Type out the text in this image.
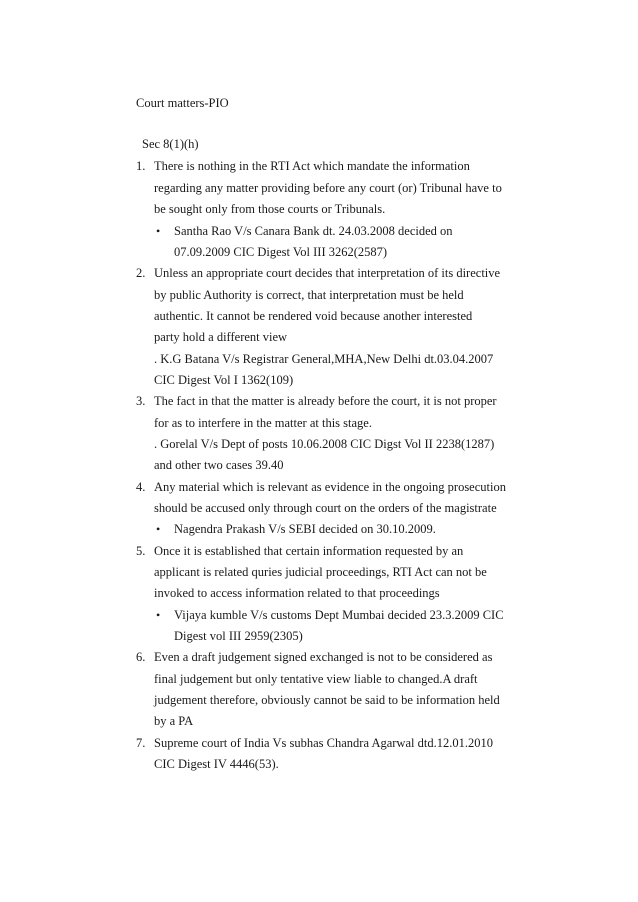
Court matters-PIO
Sec 8(1)(h)
1. There is nothing in the RTI Act which mandate the information
regarding any matter providing before any court (or) Tribunal have to
be sought only from those courts or Tribunals.
• Santha Rao V/s Canara Bank dt. 24.03.2008 decided on
07.09.2009 CIC Digest Vol III 3262(2587)
2. Unless an appropriate court decides that interpretation of its directive
by public Authority is correct, that interpretation must be held
authentic. It cannot be rendered void because another interested
party hold a different view
. K.G Batana V/s Registrar General,MHA,New Delhi dt.03.04.2007
CIC Digest Vol I 1362(109)
3. The fact in that the matter is already before the court, it is not proper
for as to interfere in the matter at this stage.
. Gorelal V/s Dept of posts 10.06.2008 CIC Digst Vol II 2238(1287)
and other two cases 39.40
4. Any material which is relevant as evidence in the ongoing prosecution
should be accused only through court on the orders of the magistrate
• Nagendra Prakash V/s SEBI decided on 30.10.2009.
5. Once it is established that certain information requested by an
applicant is related quries judicial proceedings, RTI Act can not be
invoked to access information related to that proceedings
• Vijaya kumble V/s customs Dept Mumbai decided 23.3.2009 CIC
Digest vol III 2959(2305)
6. Even a draft judgement signed exchanged is not to be considered as
final judgement but only tentative view liable to changed.A draft
judgement therefore, obviously cannot be said to be information held
by a PA
7. Supreme court of India Vs subhas Chandra Agarwal dtd.12.01.2010
CIC Digest IV 4446(53).
